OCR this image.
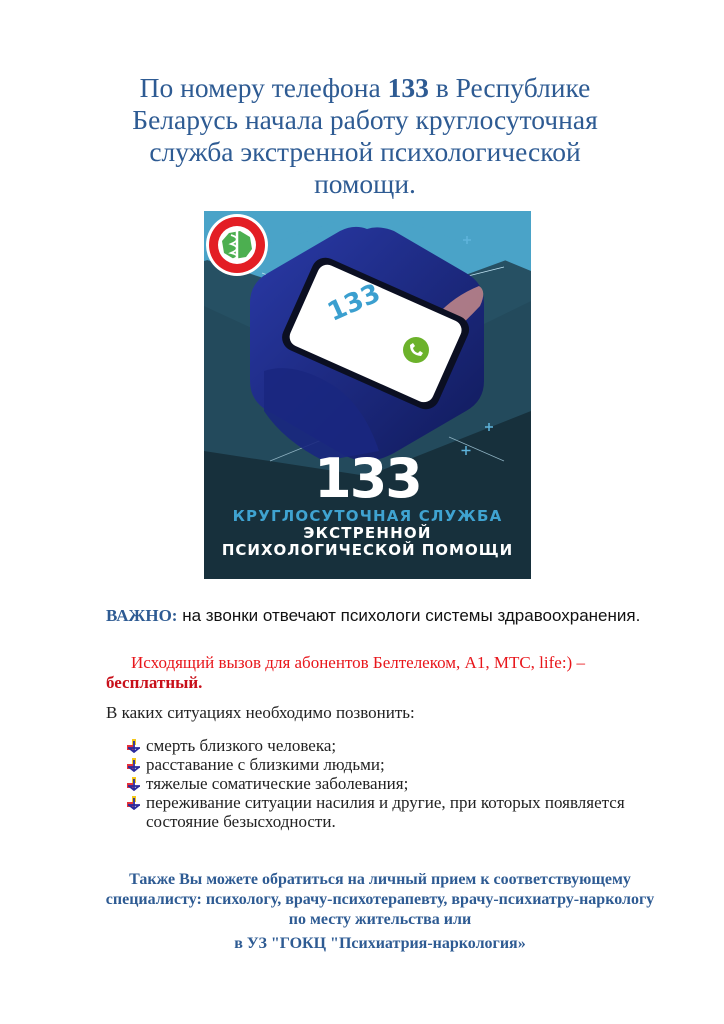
По номеру телефона 133 в Республике Беларусь начала работу круглосуточная служба экстренной психологической помощи.
133
133
КРУГЛОСУТОЧНАЯ СЛУЖБА
ЭКСТРЕННОЙ
ПСИХОЛОГИЧЕСКОЙ ПОМОЩИ
ВАЖНО: на звонки отвечают психологи системы здравоохранения.
Исходящий вызов для абонентов Белтелеком, А1, МТС, life:) –
бесплатный.
В каких ситуациях необходимо позвонить:
смерть близкого человека;
расставание с близкими людьми;
тяжелые соматические заболевания;
переживание ситуации насилия и другие, при которых появляется состояние безысходности.
Также Вы можете обратиться на личный прием к соответствующему специалисту: психологу, врачу-психотерапевту, врачу-психиатру-наркологу по месту жительства или
в УЗ "ГОКЦ "Психиатрия-наркология»
